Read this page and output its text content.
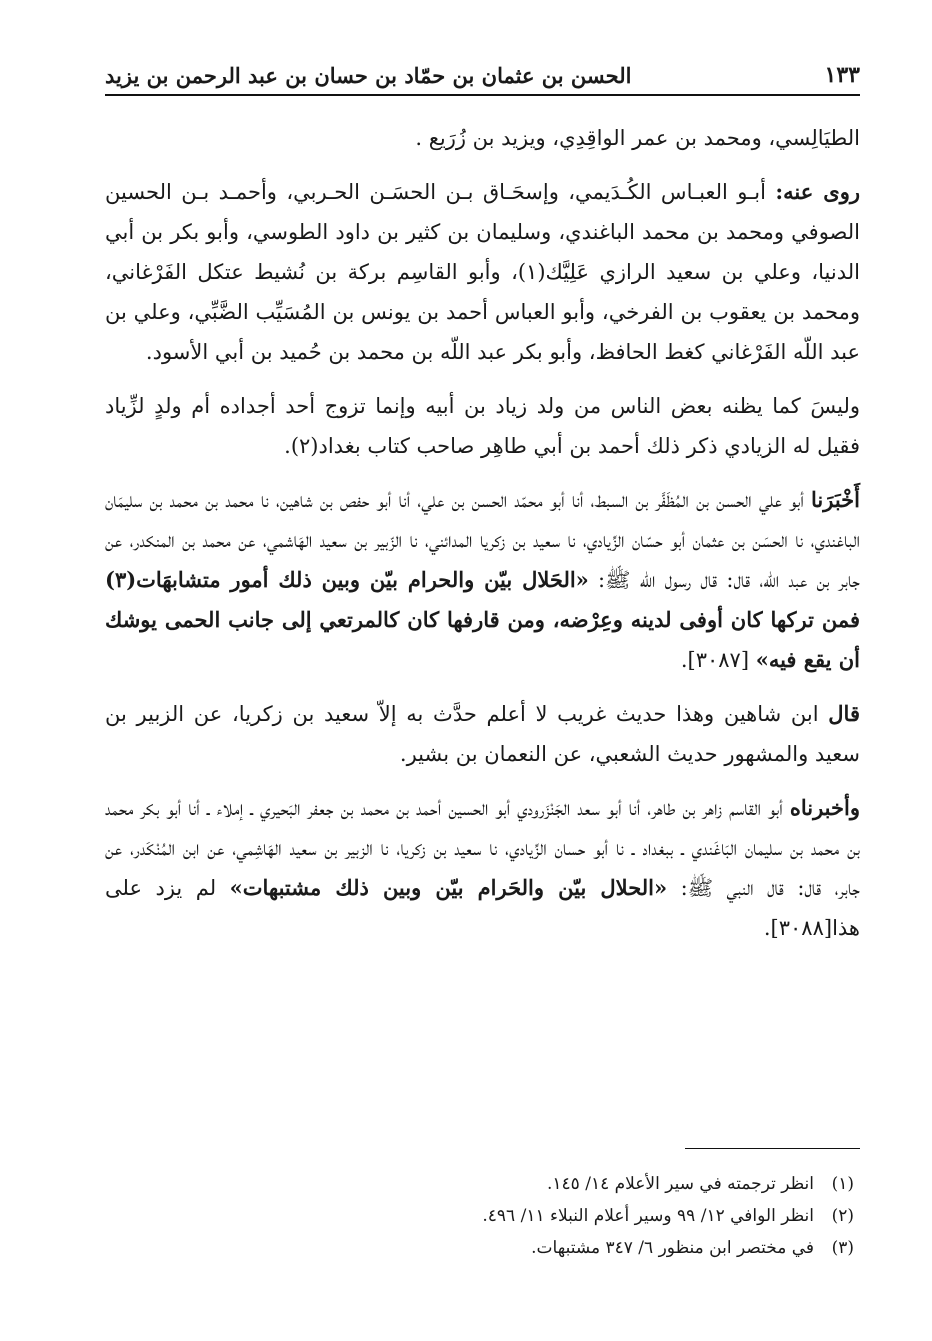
الحسن بن عثمان بن حمّاد بن حسان بن عبد الرحمن بن يزيد	١٣٣

الطيَالِسي، ومحمد بن عمر الواقِدِي، ويزيد بن زُرَيع .

روى عنه: أبـو العبـاس الكُـدَيمي، وإسحَـاق بـن الحسَـن الحـربي، وأحمـد بـن الحسين الصوفي ومحمد بن محمد الباغندي، وسليمان بن كثير بن داود الطوسي، وأبو بكر بن أبي الدنيا، وعلي بن سعيد الرازي عَلِيَّك(١)، وأبو القاسِم بركة بن نُشيط عتكل الفَرْغاني، ومحمد بن يعقوب بن الفرخي، وأبو العباس أحمد بن يونس بن المُسَيِّب الضَّبِّي، وعلي بن عبد اللّه الفَرْغاني كغط الحافظ، وأبو بكر عبد اللّه بن محمد بن حُميد بن أبي الأسود.

وليسَ كما يظنه بعض الناس من ولد زياد بن أبيه وإنما تزوج أحد أجداده أم ولدٍ لزِّياد فقيل له الزيادي ذكر ذلك أحمد بن أبي طاهِر صاحب كتاب بغداد(٢).

أَخْبَرَنا أبو علي الحسن بن المُظَفَّر بن السبط، أنا أبو محمّد الحسن بن علي، أنا أبو حفص بن شاهين، نا محمد بن محمد بن سليمَان الباغندي، نا الحسَن بن عثمان أبو حسّان الزِّيادي، نا سعيد بن زكريا المدائني، نا الزّبير بن سعيد الهَاشمي، عن محمد بن المنكدر، عن جابر بن عبد اللّه، قال: قال رسول الله ﷺ: «الحَلال بيّن والحرام بيّن وبين ذلك أمور متشابهَات(٣) فمن تركها كان أوفى لدينه وعِرْضه، ومن قارفها كان كالمرتعي إلى جانب الحمى يوشك أن يقع فيه» [٣٠٨٧].

قال ابن شاهين وهذا حديث غريب لا أعلم حدَّث به إلاّ سعيد بن زكريا، عن الزبير بن سعيد والمشهور حديث الشعبي، عن النعمان بن بشير.

وأخبرناه أبو القاسم زاهر بن طاهر، أنا أبو سعد الجَنْزَرودي أبو الحسين أحمد بن محمد بن جعفر البَحيري ـ إملاء ـ أنا أبو بكر محمد بن محمد بن سليمان البَاغَندي ـ ببغداد ـ نا أبو حسان الزِّيادي، نا سعيد بن زكريا، نا الزبير بن سعيد الهَاشِمي، عن ابن المُنْكَدر، عن جابر، قال: قال النبي ﷺ: «الحلال بيّن والحَرام بيّن وبين ذلك مشتبهات» لم يزد على هذا[٣٠٨٨].

(١)
انظر ترجمته في سير الأعلام ١٤/ ١٤٥.
(٢)
انظر الوافي ١٢/ ٩٩ وسير أعلام النبلاء ١١/ ٤٩٦.
(٣)
في مختصر ابن منظور ٦/ ٣٤٧ مشتبهات.
